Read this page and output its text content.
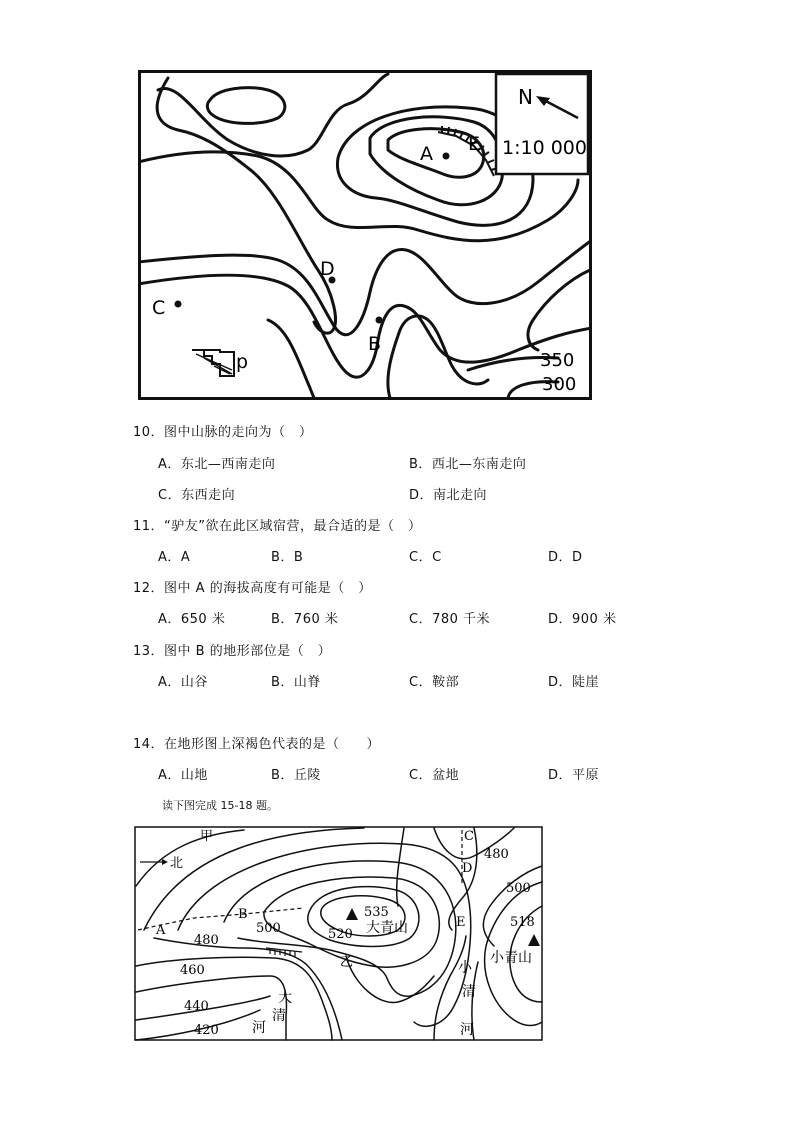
N
1:10 000
A E
D
C
B
p	350
300
10．图中山脉的走向为（　）
A．东北—西南走向	B．西北—东南走向
C．东西走向	D．南北走向
11．“驴友”欲在此区域宿营，最合适的是（　）
A．A	B．B	C．C	D．D
12．图中 A 的海拔高度有可能是（　）
A．650 米	B．760 米	C．780 千米	D．900 米
13．图中 B 的地形部位是（　）
A．山谷	B．山脊	C．鞍部	D．陡崖
14．在地形图上深褐色代表的是（　　）
A．山地	B．丘陵	C．盆地	D．平原
读下图完成 15-18 题。
北
甲
A
B
C
D
E
乙
大青山
小青山
480
500
518
535
520
500
480
460
440
420
大 清 河
小 清 河
